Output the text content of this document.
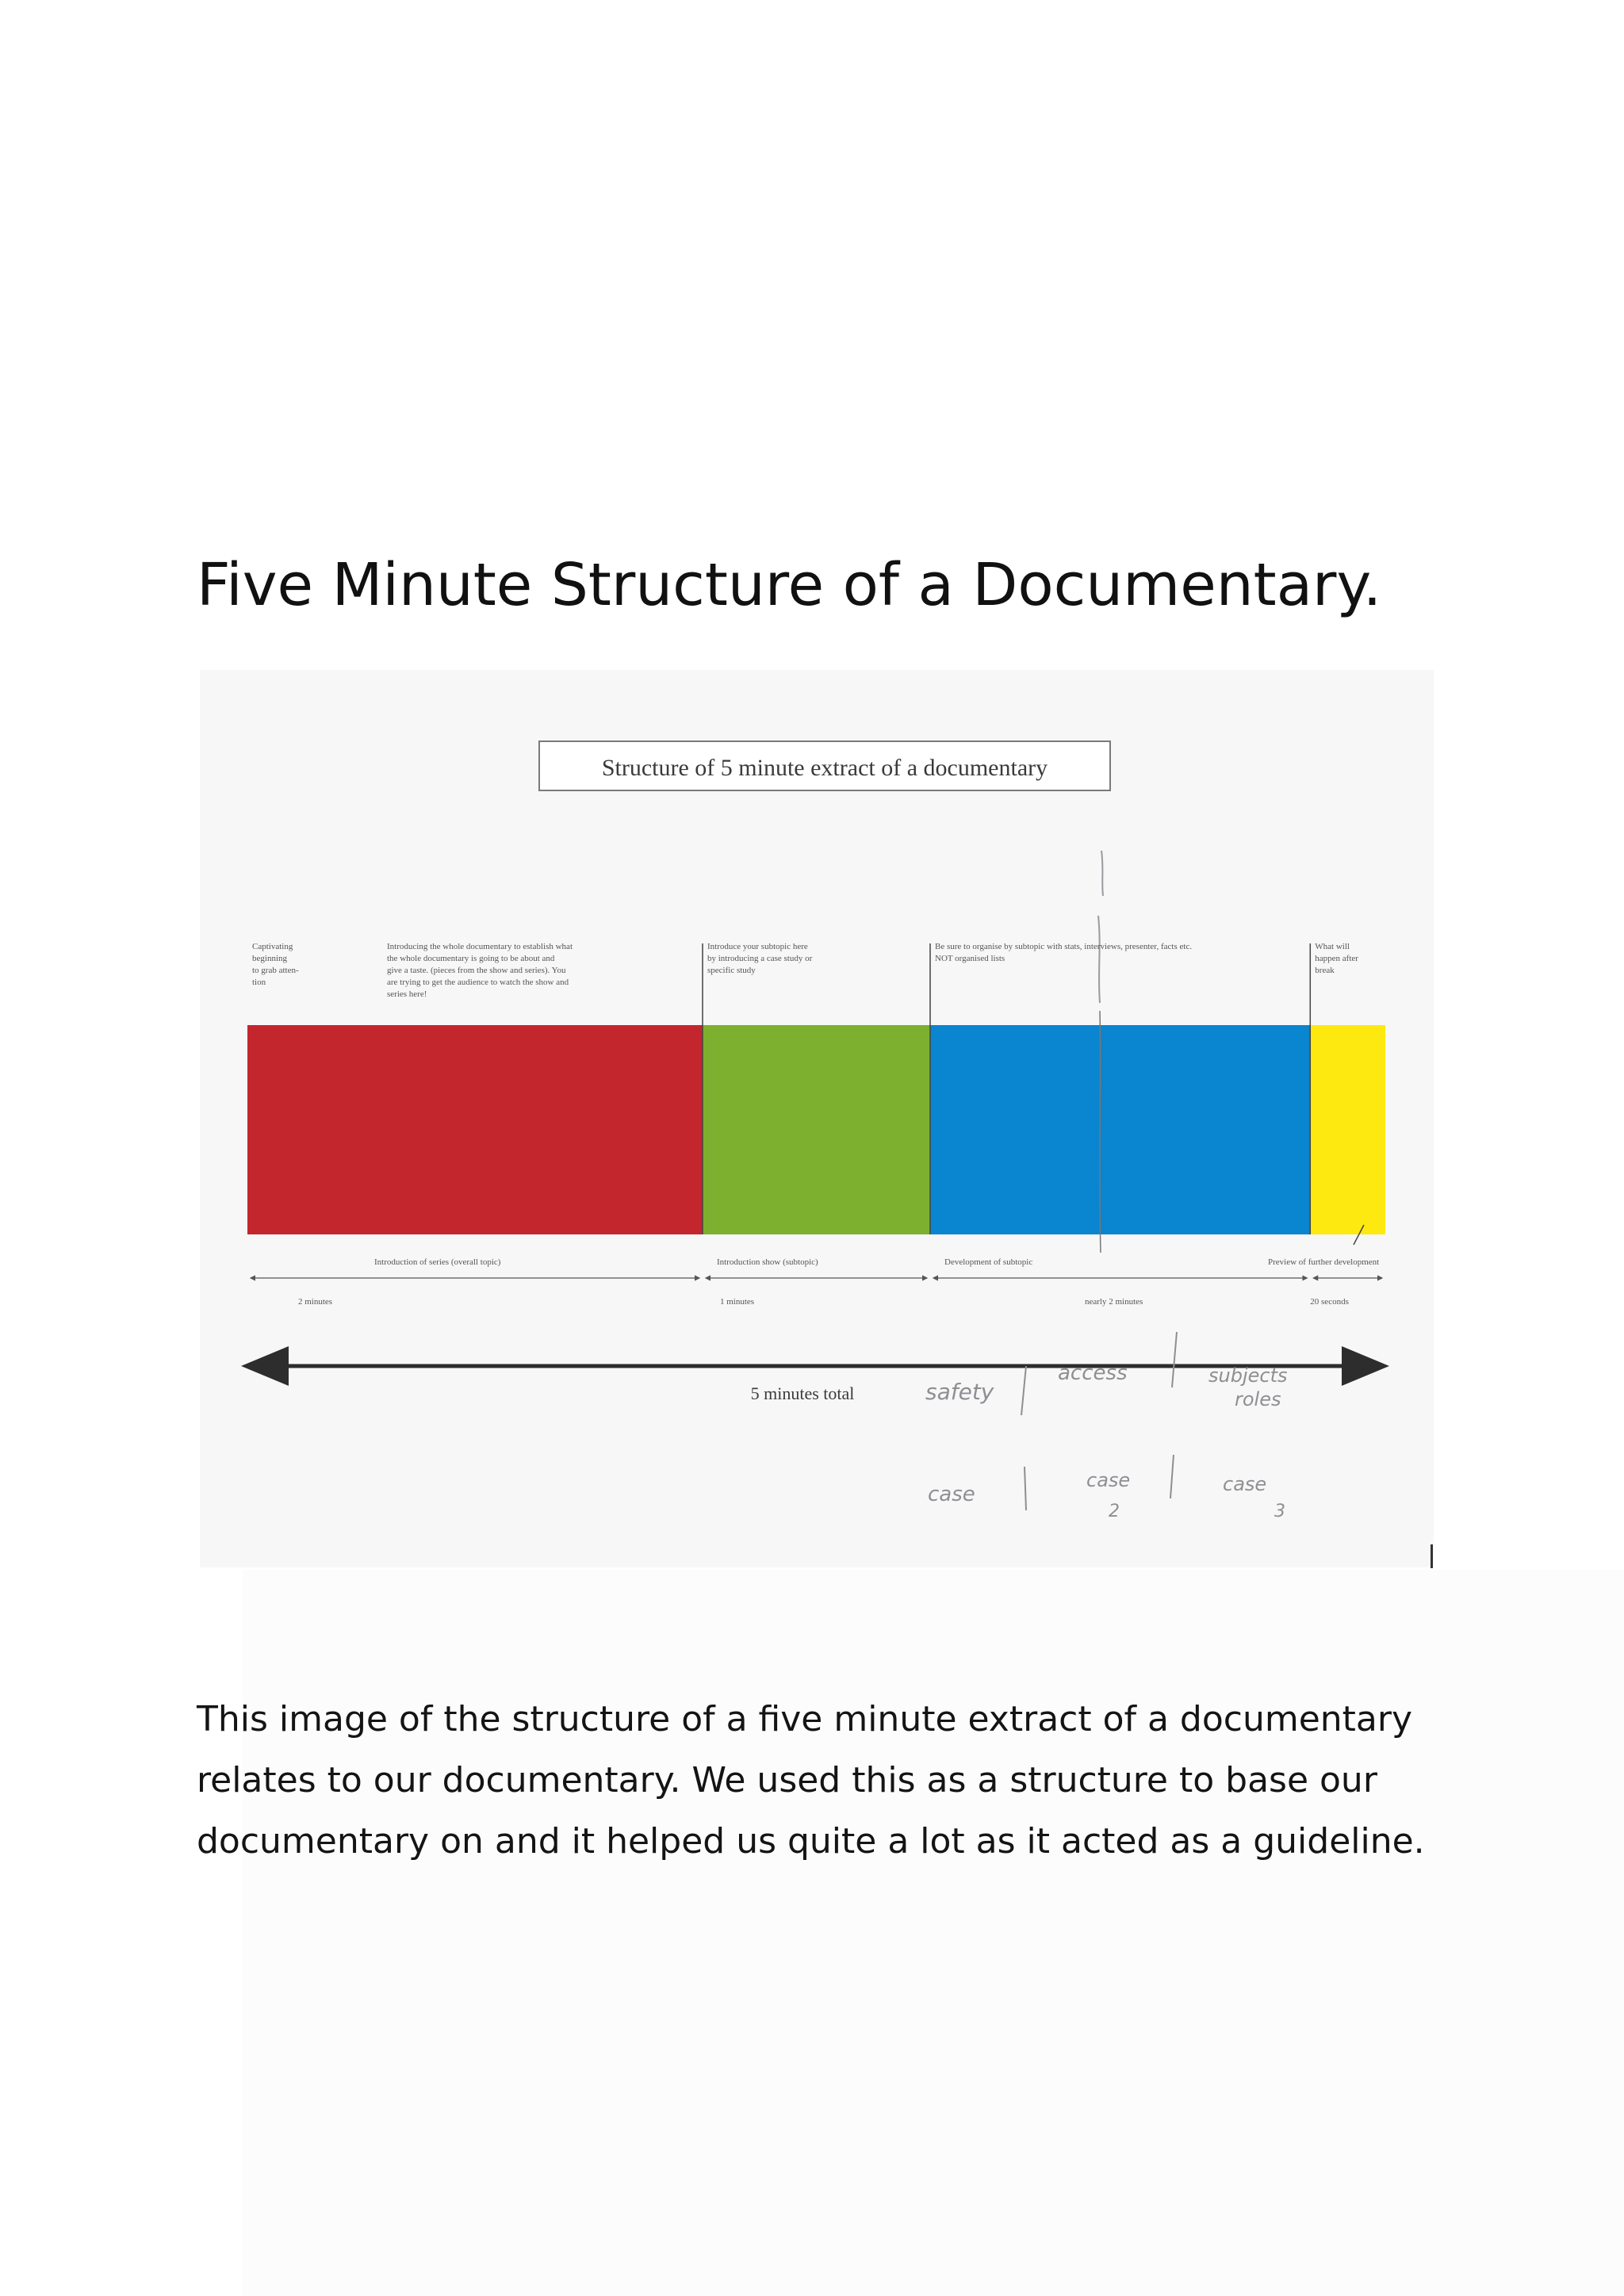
Five Minute Structure of a Documentary.
Structure of 5 minute extract of a documentary
Captivating
beginning
to grab atten-
tion
Introducing the whole documentary to establish what
the whole documentary is going to be about and
give a taste. (pieces from the show and series). You
are trying to get the audience to watch the show and
series here!
Introduce your subtopic here
by introducing a case study or
specific study
Be sure to organise by subtopic with stats, interviews, presenter, facts etc.
NOT organised lists
What will
happen after
break
Introduction of series (overall topic)
2 minutes
Introduction show (subtopic)
1 minutes
Development of subtopic
nearly 2 minutes
Preview of further development
20 seconds
5 minutes total	safety
access	subjects
roles
case
case
2
case
3
This image of the structure of a five minute extract of a documentary
relates to our documentary. We used this as a structure to base our
documentary on and it helped us quite a lot as it acted as a guideline.
